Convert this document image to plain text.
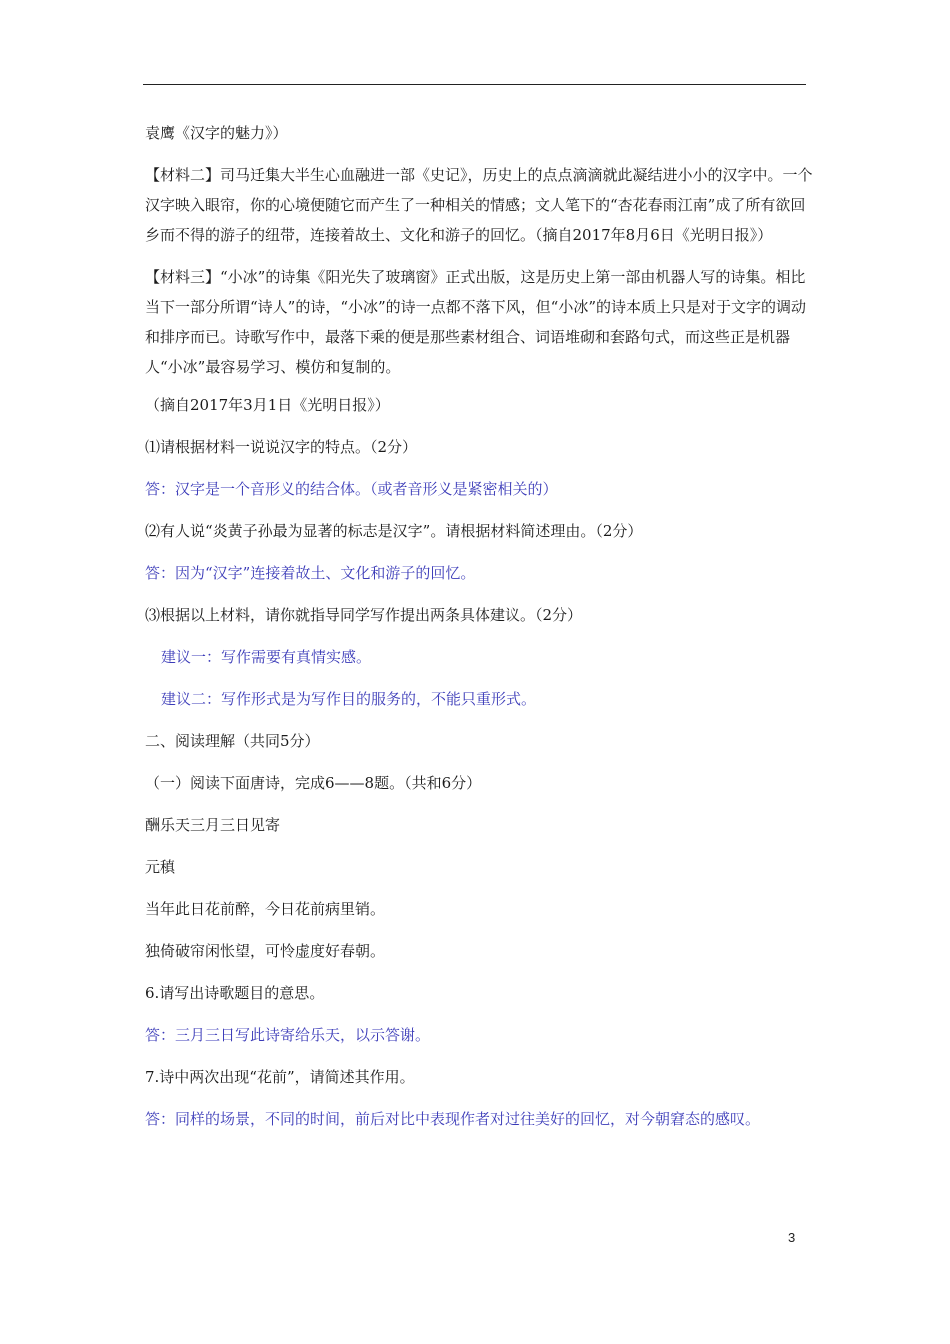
袁鹰《汉字的魅力》）

【材料二】司马迁集大半生心血融进一部《史记》，历史上的点点滴滴就此凝结进小小的汉字中。一个汉字映入眼帘，你的心境便随它而产生了一种相关的情感；文人笔下的“杏花春雨江南”成了所有欲回乡而不得的游子的纽带，连接着故土、文化和游子的回忆。（摘自2017年8月6日《光明日报》）

【材料三】“小冰”的诗集《阳光失了玻璃窗》正式出版，这是历史上第一部由机器人写的诗集。相比当下一部分所谓“诗人”的诗，“小冰”的诗一点都不落下风，但“小冰”的诗本质上只是对于文字的调动和排序而已。诗歌写作中，最落下乘的便是那些素材组合、词语堆砌和套路句式，而这些正是机器人“小冰”最容易学习、模仿和复制的。

（摘自2017年3月1日《光明日报》）

⑴请根据材料一说说汉字的特点。（2分）

答：汉字是一个音形义的结合体。（或者音形义是紧密相关的）

⑵有人说“炎黄子孙最为显著的标志是汉字”。请根据材料简述理由。（2分）

答：因为“汉字”连接着故土、文化和游子的回忆。

⑶根据以上材料，请你就指导同学写作提出两条具体建议。（2分）

建议一：写作需要有真情实感。

建议二：写作形式是为写作目的服务的，不能只重形式。

二、阅读理解（共同5分）

（一）阅读下面唐诗，完成6——8题。（共和6分）

酬乐天三月三日见寄

元稹

当年此日花前醉，今日花前病里销。

独倚破帘闲怅望，可怜虚度好春朝。

6.请写出诗歌题目的意思。

答：三月三日写此诗寄给乐天，以示答谢。

7.诗中两次出现“花前”，请简述其作用。

答：同样的场景，不同的时间，前后对比中表现作者对过往美好的回忆，对今朝窘态的感叹。

3
